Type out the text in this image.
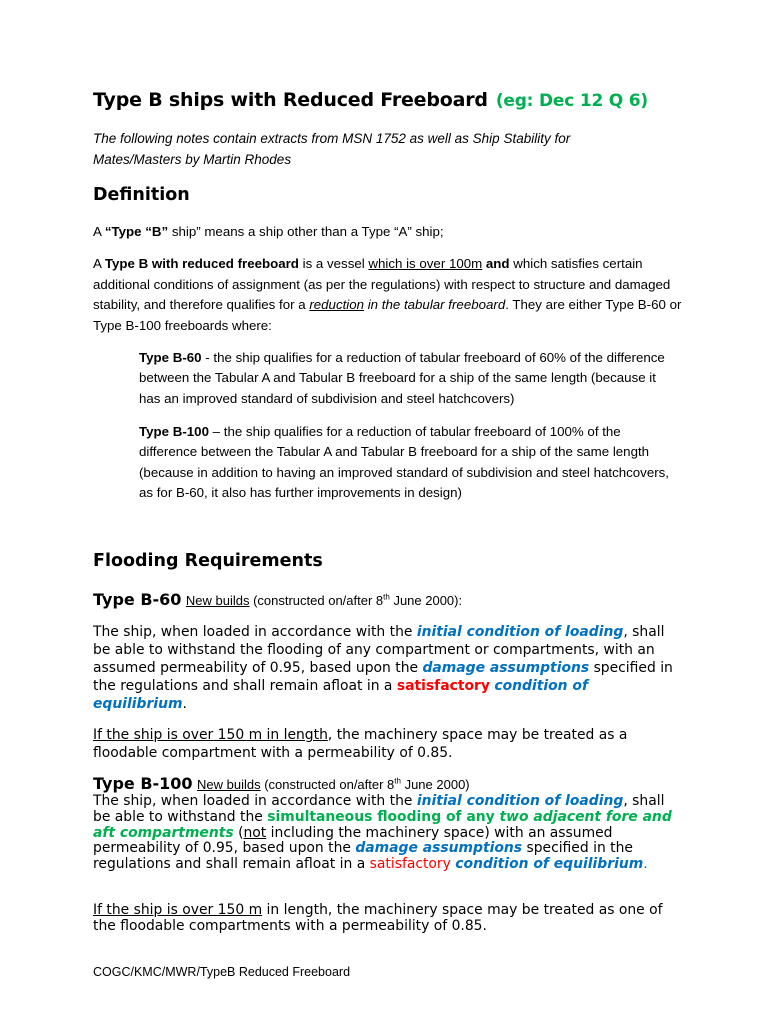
Type B ships with Reduced Freeboard (eg: Dec 12 Q 6)
The following notes contain extracts from MSN 1752 as well as Ship Stability for Mates/Masters by Martin Rhodes
Definition
A “Type “B” ship” means a ship other than a Type “A” ship;
A Type B with reduced freeboard is a vessel which is over 100m and which satisfies certain additional conditions of assignment (as per the regulations) with respect to structure and damaged stability, and therefore qualifies for a reduction in the tabular freeboard. They are either Type B-60 or Type B-100 freeboards where:
Type B-60 - the ship qualifies for a reduction of tabular freeboard of 60% of the difference between the Tabular A and Tabular B freeboard for a ship of the same length (because it has an improved standard of subdivision and steel hatchcovers)
Type B-100 – the ship qualifies for a reduction of tabular freeboard of 100% of the difference between the Tabular A and Tabular B freeboard for a ship of the same length (because in addition to having an improved standard of subdivision and steel hatchcovers, as for B-60, it also has further improvements in design)
Flooding Requirements
Type B-60 New builds (constructed on/after 8th June 2000):
The ship, when loaded in accordance with the initial condition of loading, shall be able to withstand the flooding of any compartment or compartments, with an assumed permeability of 0.95, based upon the damage assumptions specified in the regulations and shall remain afloat in a satisfactory condition of equilibrium.
If the ship is over 150 m in length, the machinery space may be treated as a floodable compartment with a permeability of 0.85.
Type B-100 New builds (constructed on/after 8th June 2000)
The ship, when loaded in accordance with the initial condition of loading, shall be able to withstand the simultaneous flooding of any two adjacent fore and aft compartments (not including the machinery space) with an assumed permeability of 0.95, based upon the damage assumptions specified in the regulations and shall remain afloat in a satisfactory condition of equilibrium.
If the ship is over 150 m in length, the machinery space may be treated as one of the floodable compartments with a permeability of 0.85.
COGC/KMC/MWR/TypeB Reduced Freeboard
